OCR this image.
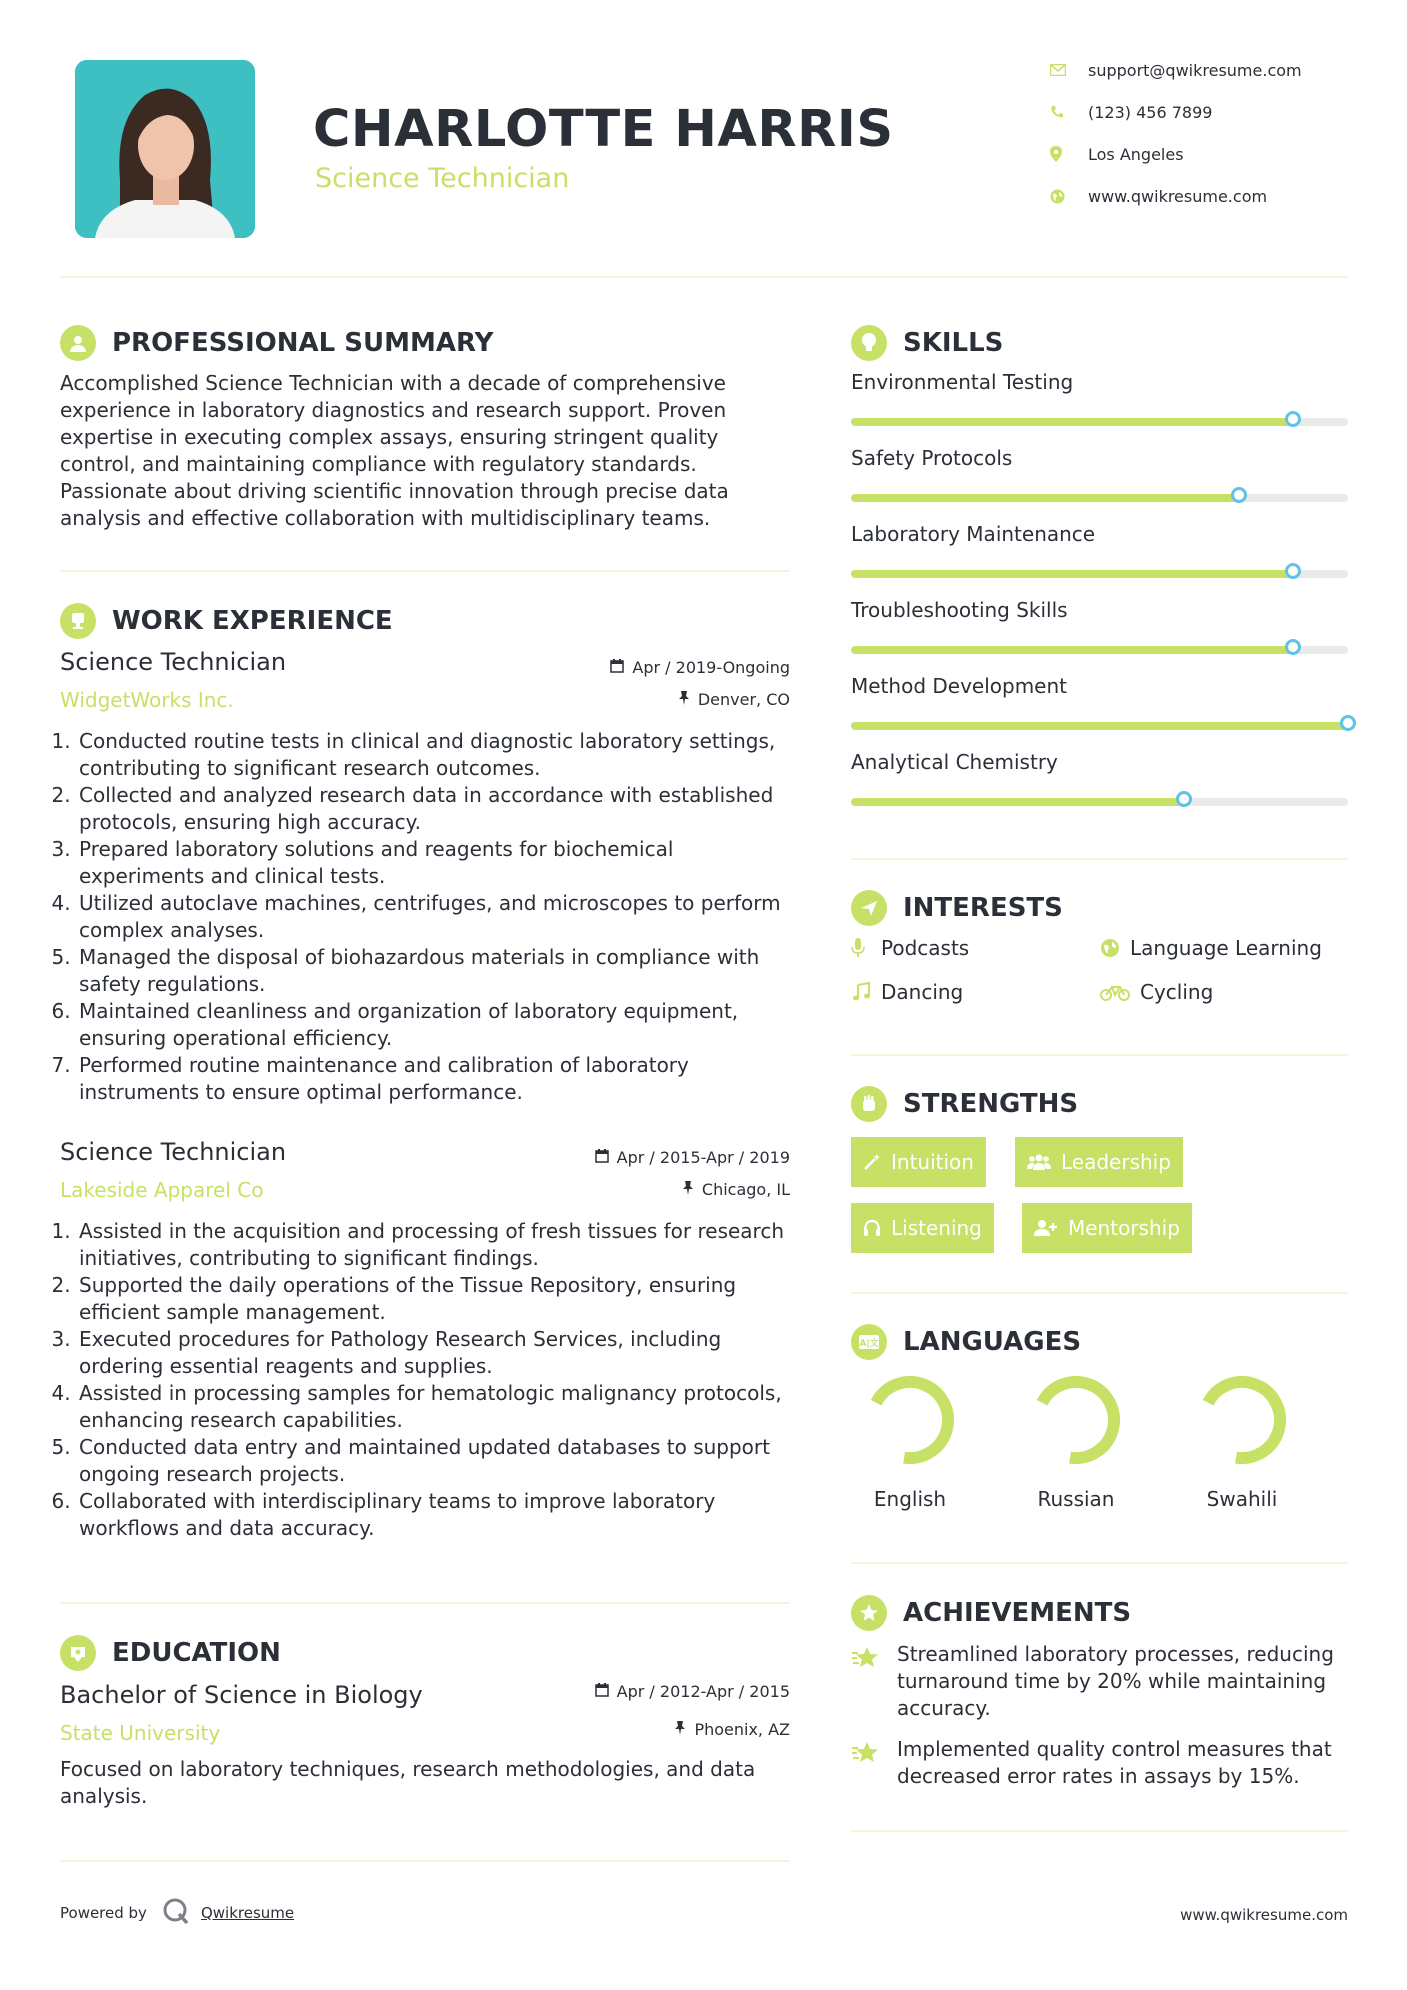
CHARLOTTE HARRIS
Science Technician
support@qwikresume.com
(123) 456 7899
Los Angeles
www.qwikresume.com
PROFESSIONAL SUMMARY
Accomplished Science Technician with a decade of comprehensive experience in laboratory diagnostics and research support. Proven expertise in executing complex assays, ensuring stringent quality control, and maintaining compliance with regulatory standards. Passionate about driving scientific innovation through precise data analysis and effective collaboration with multidisciplinary teams.
WORK EXPERIENCE
Science Technician	Apr / 2019-Ongoing
WidgetWorks Inc.	Denver, CO
1. Conducted routine tests in clinical and diagnostic laboratory settings, contributing to significant research outcomes.
2. Collected and analyzed research data in accordance with established protocols, ensuring high accuracy.
3. Prepared laboratory solutions and reagents for biochemical experiments and clinical tests.
4. Utilized autoclave machines, centrifuges, and microscopes to perform complex analyses.
5. Managed the disposal of biohazardous materials in compliance with safety regulations.
6. Maintained cleanliness and organization of laboratory equipment, ensuring operational efficiency.
7. Performed routine maintenance and calibration of laboratory instruments to ensure optimal performance.
Science Technician	Apr / 2015-Apr / 2019
Lakeside Apparel Co	Chicago, IL
1. Assisted in the acquisition and processing of fresh tissues for research initiatives, contributing to significant findings.
2. Supported the daily operations of the Tissue Repository, ensuring efficient sample management.
3. Executed procedures for Pathology Research Services, including ordering essential reagents and supplies.
4. Assisted in processing samples for hematologic malignancy protocols, enhancing research capabilities.
5. Conducted data entry and maintained updated databases to support ongoing research projects.
6. Collaborated with interdisciplinary teams to improve laboratory workflows and data accuracy.
EDUCATION
Bachelor of Science in Biology	Apr / 2012-Apr / 2015
State University	Phoenix, AZ
Focused on laboratory techniques, research methodologies, and data analysis.
SKILLS
Environmental Testing
Safety Protocols
Laboratory Maintenance
Troubleshooting Skills
Method Development
Analytical Chemistry
INTERESTS
Podcasts	Language Learning
Dancing	Cycling
STRENGTHS
Intuition	Leadership
Listening	Mentorship
A|文 LANGUAGES
English	Russian	Swahili
ACHIEVEMENTS
Streamlined laboratory processes, reducing turnaround time by 20% while maintaining accuracy.
Implemented quality control measures that decreased error rates in assays by 15%.
Powered by	Qwikresume	www.qwikresume.com
